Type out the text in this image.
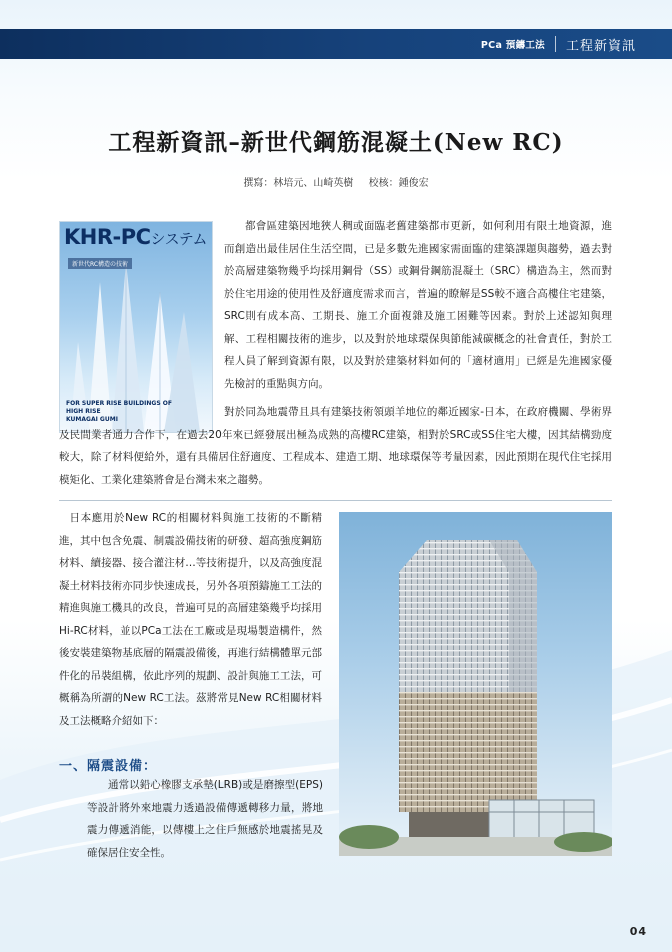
PCa 預鑄工法 工程新資訊
工程新資訊–新世代鋼筋混凝土(New RC)
撰寫：林培元、山崎英樹 校核：鍾俊宏
KHR-PCシステム
新世代RC構造の技術
FOR SUPER RISE BUILDINGS OF
HIGH RISE
KUMAGAI GUMI

都會區建築因地狹人稠或面臨老舊建築都市更新，如何利用有限土地資源，進而創造出最佳居住生活空間，已是多數先進國家需面臨的建築課題與趨勢，過去對於高層建築物幾乎均採用鋼骨（SS）或鋼骨鋼筋混凝土（SRC）構造為主，然而對於住宅用途的使用性及舒適度需求而言，普遍的瞭解是SS較不適合高樓住宅建築，SRC則有成本高、工期長、施工介面複雜及施工困難等因素。對於上述認知與理解、工程相關技術的進步，以及對於地球環保與節能減碳概念的社會責任，對於工程人員了解到資源有限，以及對於建築材料如何的「適材適用」已經是先進國家優先檢討的重點與方向。

對於同為地震帶且具有建築技術領頭羊地位的鄰近國家-日本，在政府機關、學術界及民間業者通力合作下，在過去20年來已經發展出極為成熟的高樓RC建築，相對於SRC或SS住宅大樓，因其結構勁度較大，除了材料便給外，還有具備居住舒適度、工程成本、建造工期、地球環保等考量因素，因此預期在現代住宅採用模矩化、工業化建築將會是台灣未來之趨勢。

日本應用於New RC的相關材料與施工技術的不斷精進，其中包含免震、制震設備技術的研發、超高強度鋼筋材料、續接器、接合灌注材…等技術提升，以及高強度混凝土材料技術亦同步快速成長，另外各項預鑄施工工法的精進與施工機具的改良，普遍可見的高層建築幾乎均採用Hi-RC材料，並以PCa工法在工廠或是現場製造構件，然後安裝建築物基底層的隔震設備後，再進行結構體單元部件化的吊裝組構，依此序列的規劃、設計與施工工法，可概稱為所謂的New RC工法。茲將常見New RC相關材料及工法概略介紹如下：

一、隔震設備：

通常以鉛心橡膠支承墊(LRB)或是磨擦型(EPS)等設計將外來地震力透過設備傳遞轉移力量，將地震力傳遞消能，以傳樓上之住戶無感於地震搖晃及確保居住安全性。

04
